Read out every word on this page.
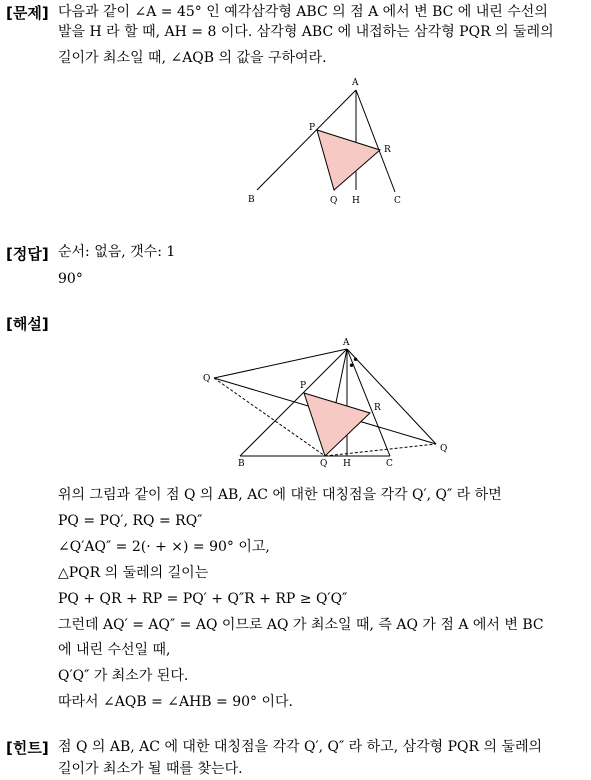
[문제] 다음과 같이 ∠A = 45° 인 예각삼각형 ABC 의 점 A 에서 변 BC 에 내린 수선의
발을 H 라 할 때, AH = 8 이다. 삼각형 ABC 에 내접하는 삼각형 PQR 의 둘레의
길이가 최소일 때, ∠AQB 의 값을 구하여라.
A
P
R
B	Q H	C
[정답] 순서: 없음, 갯수: 1
90°
[해설]
•
•
A
P
R
Q
Q
B	Q H	C
위의 그림과 같이 점 Q 의 AB, AC 에 대한 대칭점을 각각 Q′, Q″ 라 하면
PQ = PQ′, RQ = RQ″
∠Q′AQ″ = 2(· + ×) = 90° 이고,
△PQR 의 둘레의 길이는
PQ + QR + RP = PQ′ + Q″R + RP ≥ Q′Q″
그런데 AQ′ = AQ″ = AQ 이므로 AQ 가 최소일 때, 즉 AQ 가 점 A 에서 변 BC
에 내린 수선일 때,
Q′Q″ 가 최소가 된다.
따라서 ∠AQB = ∠AHB = 90° 이다.
[힌트] 점 Q 의 AB, AC 에 대한 대칭점을 각각 Q′, Q″ 라 하고, 삼각형 PQR 의 둘레의
길이가 최소가 될 때를 찾는다.
